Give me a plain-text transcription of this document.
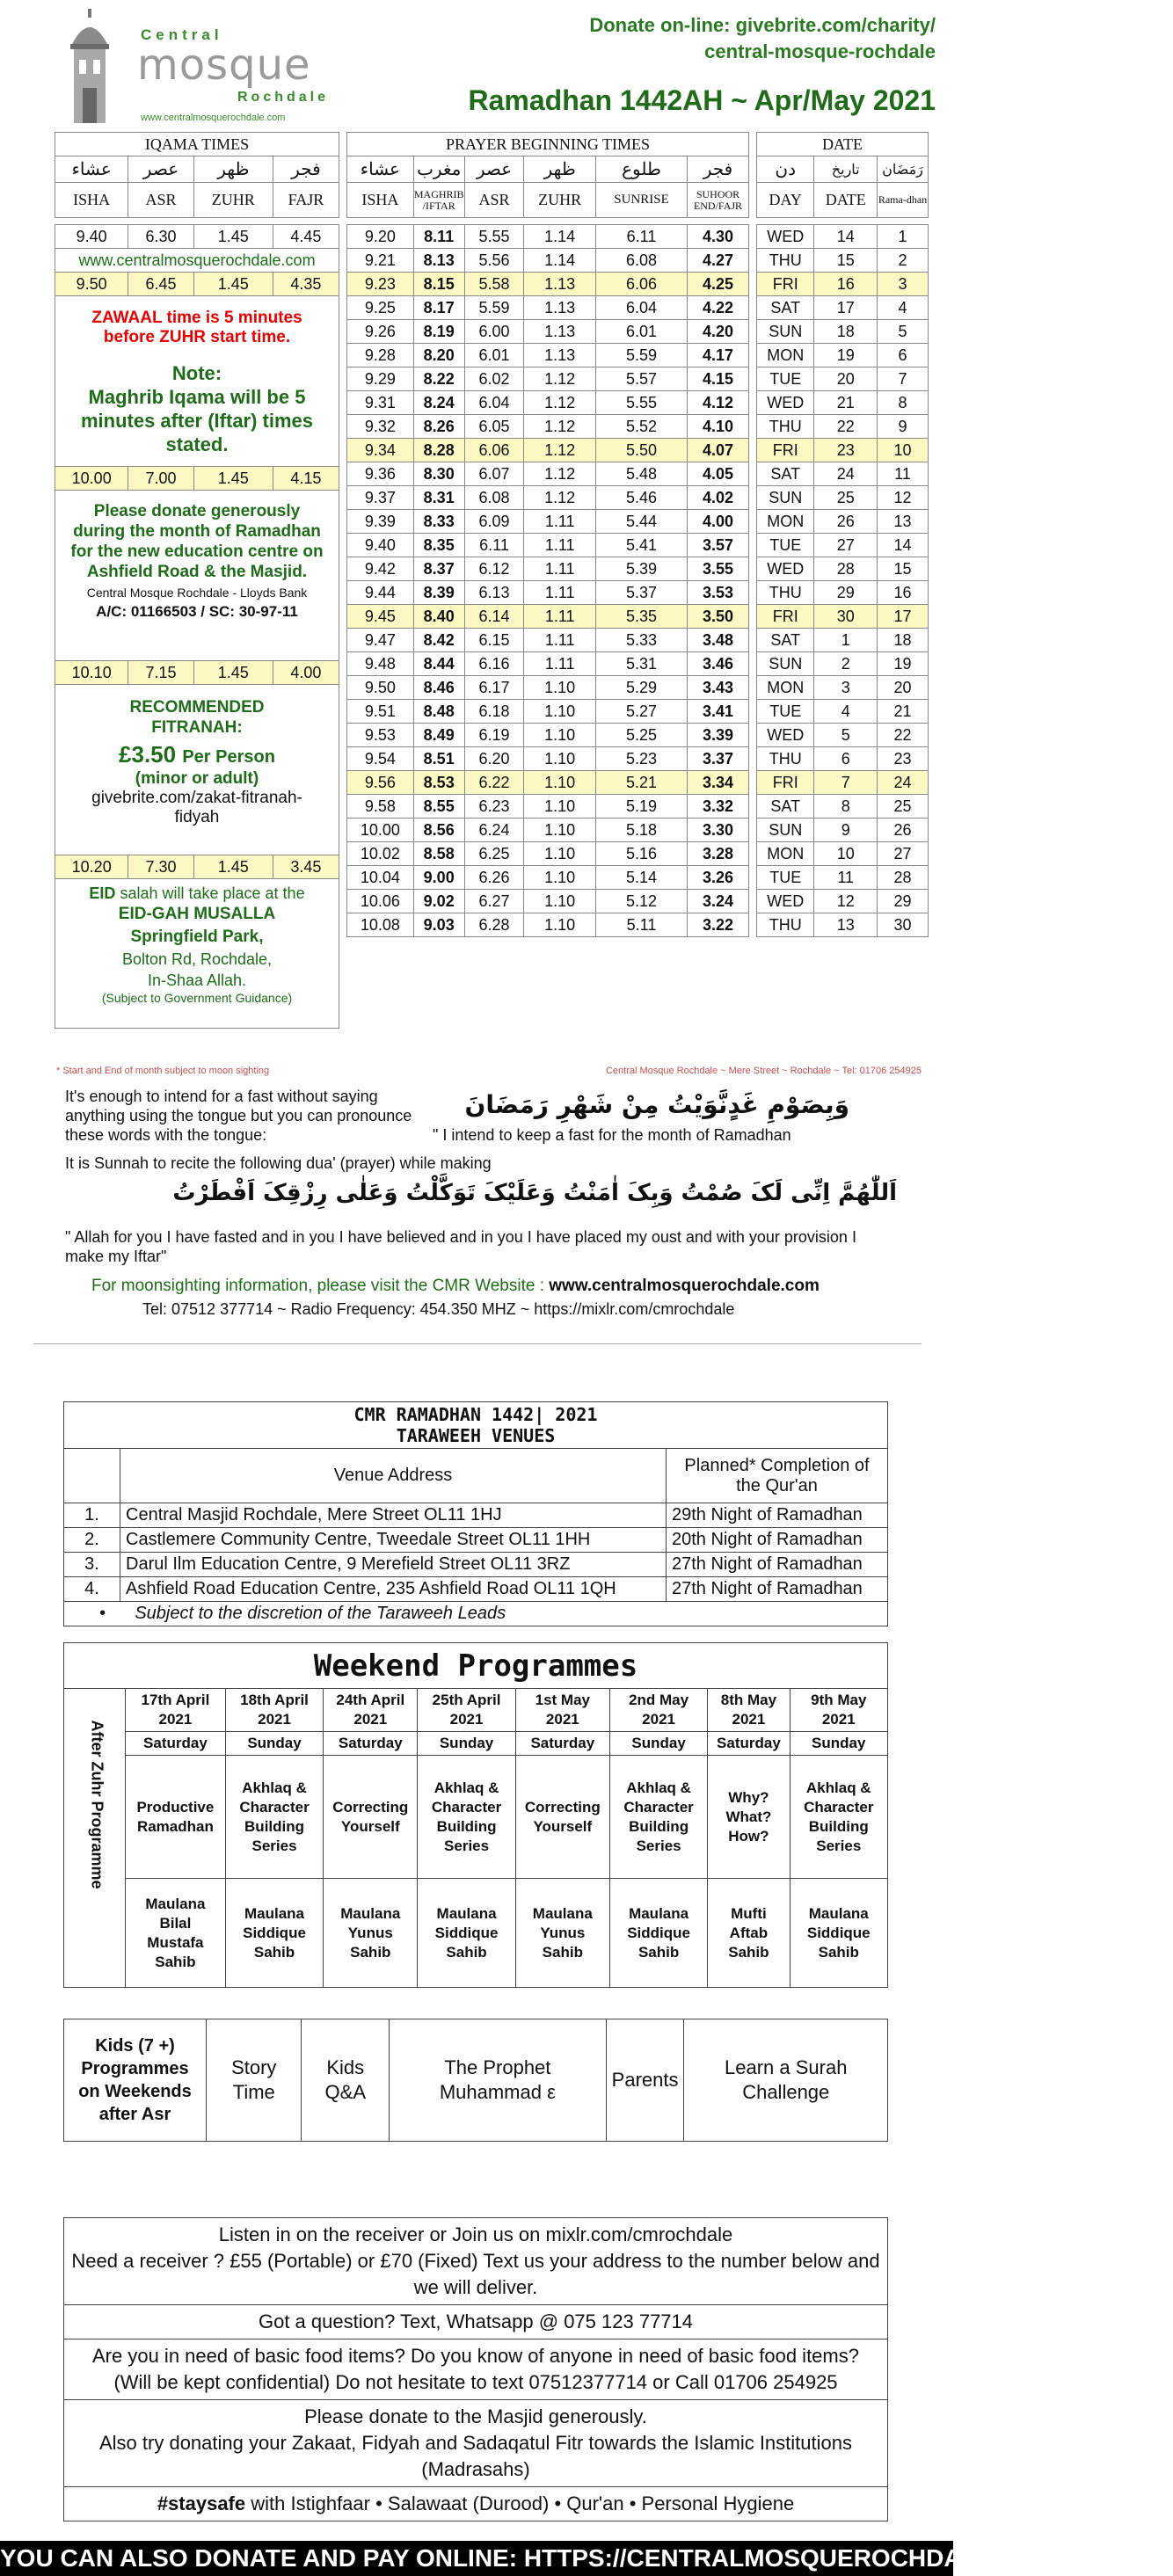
Central
mosque
Rochdale
www.centralmosquerochdale.com
Donate on-line: givebrite.com/charity/
central-mosque-rochdale
Ramadhan 1442AH ~ Apr/May 2021
IQAMA TIMES			
عشاء	عصر	ظهر	فجر
ISHA	ASR	ZUHR	FAJR

9.40	6.30	1.45	4.45
www.centralmosquerochdale.com			
9.50	6.45	1.45	4.35

ZAWAAL time is 5 minutes before ZUHR start time.
Note:
Maghrib Iqama will be 5 minutes after (Iftar) times stated.			

10.00	7.00	1.45	4.15

Please donate generously during the month of Ramadhan for the new education centre on Ashfield Road & the Masjid.
Central Mosque Rochdale - Lloyds Bank
A/C: 01166503 / SC: 30-97-11			

10.10	7.15	1.45	4.00

RECOMMENDED FITRANAH:
£3.50 Per Person
(minor or adult)
givebrite.com/zakat-fitranah-fidyah			

10.20	7.30	1.45	3.45

EID salah will take place at the
EID-GAH MUSALLA Springfield Park,
Bolton Rd, Rochdale, In-Shaa Allah.
(Subject to Government Guidance)			
PRAYER BEGINNING TIMES					
عشاء	مغرب	عصر	ظهر	طلوع	فجر
ISHA	MAGHRIB /IFTAR	ASR	ZUHR	SUNRISE	SUHOOR END/FAJR

9.20	8.11	5.55	1.14	6.11	4.30
9.21	8.13	5.56	1.14	6.08	4.27
9.23	8.15	5.58	1.13	6.06	4.25
9.25	8.17	5.59	1.13	6.04	4.22
9.26	8.19	6.00	1.13	6.01	4.20
9.28	8.20	6.01	1.13	5.59	4.17
9.29	8.22	6.02	1.12	5.57	4.15
9.31	8.24	6.04	1.12	5.55	4.12
9.32	8.26	6.05	1.12	5.52	4.10
9.34	8.28	6.06	1.12	5.50	4.07
9.36	8.30	6.07	1.12	5.48	4.05
9.37	8.31	6.08	1.12	5.46	4.02
9.39	8.33	6.09	1.11	5.44	4.00
9.40	8.35	6.11	1.11	5.41	3.57
9.42	8.37	6.12	1.11	5.39	3.55
9.44	8.39	6.13	1.11	5.37	3.53
9.45	8.40	6.14	1.11	5.35	3.50
9.47	8.42	6.15	1.11	5.33	3.48
9.48	8.44	6.16	1.11	5.31	3.46
9.50	8.46	6.17	1.10	5.29	3.43
9.51	8.48	6.18	1.10	5.27	3.41
9.53	8.49	6.19	1.10	5.25	3.39
9.54	8.51	6.20	1.10	5.23	3.37
9.56	8.53	6.22	1.10	5.21	3.34
9.58	8.55	6.23	1.10	5.19	3.32
10.00	8.56	6.24	1.10	5.18	3.30
10.02	8.58	6.25	1.10	5.16	3.28
10.04	9.00	6.26	1.10	5.14	3.26
10.06	9.02	6.27	1.10	5.12	3.24
10.08	9.03	6.28	1.10	5.11	3.22
DATE		
دن	تاریخ	رَمَضَان
DAY	DATE	Rama-dhan

WED	14	1
THU	15	2
FRI	16	3
SAT	17	4
SUN	18	5
MON	19	6
TUE	20	7
WED	21	8
THU	22	9
FRI	23	10
SAT	24	11
SUN	25	12
MON	26	13
TUE	27	14
WED	28	15
THU	29	16
FRI	30	17
SAT	1	18
SUN	2	19
MON	3	20
TUE	4	21
WED	5	22
THU	6	23
FRI	7	24
SAT	8	25
SUN	9	26
MON	10	27
TUE	11	28
WED	12	29
THU	13	30
* Start and End of month subject to moon sighting	Central Mosque Rochdale ~ Mere Street ~ Rochdale ~ Tel: 01706 254925
It's enough to intend for a fast without saying anything using the tongue but you can pronounce these words with the tongue:
وَبِصَوْمِ غَدٍنَّوَيْتُ مِنْ شَهْرِ رَمَضَانَ
" I intend to keep a fast for the month of Ramadhan
It is Sunnah to recite the following dua' (prayer) while making
اَللّٰهُمَّ اِنِّی لَکَ صُمْتُ وَبِکَ اٰمَنْتُ وَعَلَيْکَ تَوَکَّلْتُ وَعَلٰی رِزْقِکَ اَفْطَرْتُ
" Allah for you I have fasted and in you I have believed and in you I have placed my oust and with your provision I make my Iftar"
For moonsighting information, please visit the CMR Website : www.centralmosquerochdale.com
Tel: 07512 377714 ~ Radio Frequency: 454.350 MHZ ~ https://mixlr.com/cmrochdale
CMR RAMADHAN 1442| 2021
TARAWEEH VENUES		

	Venue Address	Planned* Completion of the Qur'an
1.	Central Masjid Rochdale, Mere Street OL11 1HJ	29th Night of Ramadhan
2.	Castlemere Community Centre, Tweedale Street OL11 1HH	20th Night of Ramadhan
3.	Darul Ilm Education Centre, 9 Merefield Street OL11 3RZ	27th Night of Ramadhan
4.	Ashfield Road Education Centre, 235 Ashfield Road OL11 1QH	27th Night of Ramadhan
•      Subject to the discretion of the Taraweeh Leads		
Weekend Programmes								

After Zuhr Programme	17th April 2021	18th April 2021	24th April 2021	25th April 2021	1st May 2021	2nd May 2021	8th May 2021	9th May 2021
	Saturday	Sunday	Saturday	Sunday	Saturday	Sunday	Saturday	Sunday
	Productive Ramadhan	Akhlaq & Character Building Series	Correcting Yourself	Akhlaq & Character Building Series	Correcting Yourself	Akhlaq & Character Building Series	Why? What? How?	Akhlaq & Character Building Series
	Maulana Bilal Mustafa Sahib	Maulana Siddique Sahib	Maulana Yunus Sahib	Maulana Siddique Sahib	Maulana Yunus Sahib	Maulana Siddique Sahib	Mufti Aftab Sahib	Maulana Siddique Sahib
Kids (7 +) Programmes on Weekends after Asr	Story Time	Kids Q&A	The Prophet Muhammad ε	Parents	Learn a Surah Challenge
Listen in on the receiver or Join us on mixlr.com/cmrochdale
Need a receiver ? £55 (Portable) or £70 (Fixed) Text us your address to the number below and we will deliver.

Got a question? Text, Whatsapp @ 075 123 77714

Are you in need of basic food items? Do you know of anyone in need of basic food items?
(Will be kept confidential) Do not hesitate to text 07512377714 or Call 01706 254925

Please donate to the Masjid generously.
Also try donating your Zakaat, Fidyah and Sadaqatul Fitr towards the Islamic Institutions (Madrasahs)

#staysafe with Istighfaar • Salawaat (Durood) • Qur'an • Personal Hygiene
YOU CAN ALSO DONATE AND PAY ONLINE: HTTPS://CENTRALMOSQUEROCHDALE.COM/DONATE/
